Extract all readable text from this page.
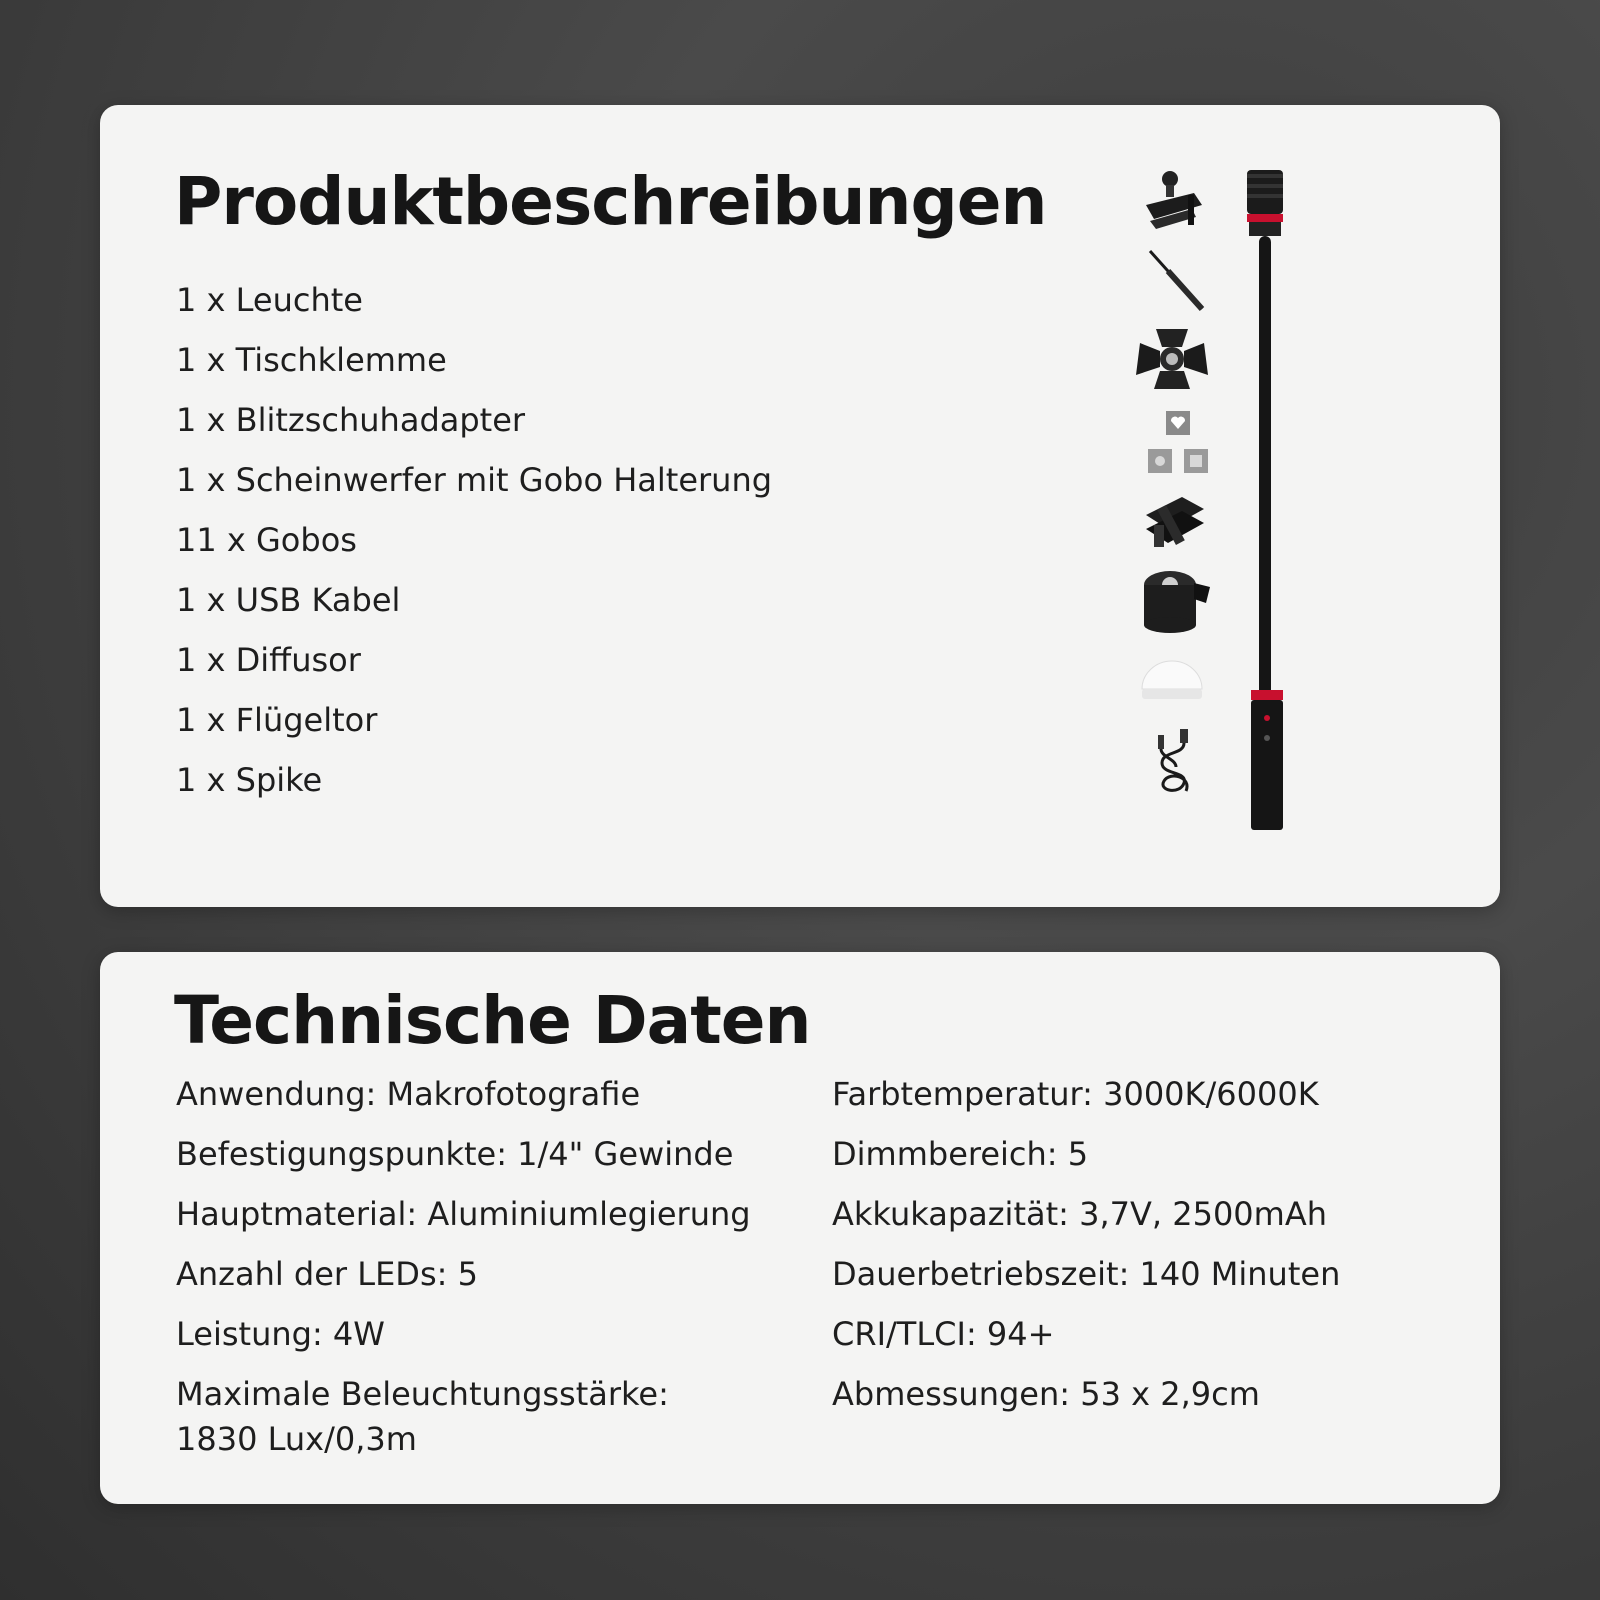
Produktbeschreibungen
1 x Leuchte
1 x Tischklemme
1 x Blitzschuhadapter
1 x Scheinwerfer mit Gobo Halterung
11 x Gobos
1 x USB Kabel
1 x Diffusor
1 x Flügeltor
1 x Spike
Technische Daten
Anwendung: Makrofotografie
Befestigungspunkte: 1/4" Gewinde
Hauptmaterial: Aluminiumlegierung
Anzahl der LEDs: 5
Leistung: 4W
Maximale Beleuchtungsstärke:
1830 Lux/0,3m
Farbtemperatur: 3000K/6000K
Dimmbereich: 5
Akkukapazität: 3,7V, 2500mAh
Dauerbetriebszeit: 140 Minuten
CRI/TLCI: 94+
Abmessungen: 53 x 2,9cm
